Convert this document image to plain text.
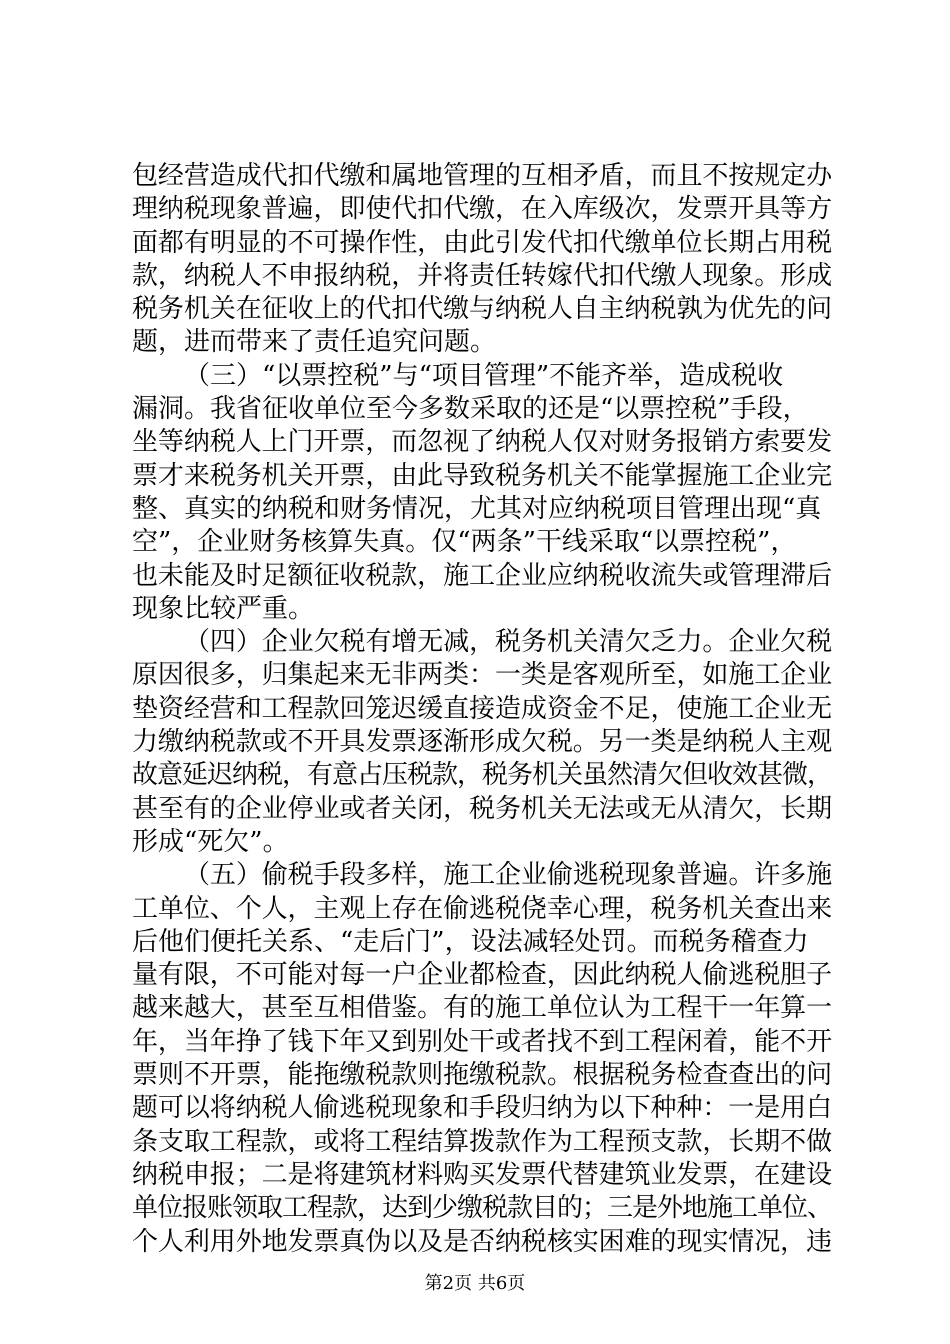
包经营造成代扣代缴和属地管理的互相矛盾，而且不按规定办
理纳税现象普遍，即使代扣代缴，在入库级次，发票开具等方
面都有明显的不可操作性，由此引发代扣代缴单位长期占用税
款，纳税人不申报纳税，并将责任转嫁代扣代缴人现象。形成
税务机关在征收上的代扣代缴与纳税人自主纳税孰为优先的问
题，进而带来了责任追究问题。
（三）“以票控税”与“项目管理”不能齐举，造成税收
漏洞。我省征收单位至今多数采取的还是“以票控税”手段，
坐等纳税人上门开票，而忽视了纳税人仅对财务报销方索要发
票才来税务机关开票，由此导致税务机关不能掌握施工企业完
整、真实的纳税和财务情况，尤其对应纳税项目管理出现“真
空”，企业财务核算失真。仅“两条”干线采取“以票控税”，
也未能及时足额征收税款，施工企业应纳税收流失或管理滞后
现象比较严重。
（四）企业欠税有增无减，税务机关清欠乏力。企业欠税
原因很多，归集起来无非两类：一类是客观所至，如施工企业
垫资经营和工程款回笼迟缓直接造成资金不足，使施工企业无
力缴纳税款或不开具发票逐渐形成欠税。另一类是纳税人主观
故意延迟纳税，有意占压税款，税务机关虽然清欠但收效甚微，
甚至有的企业停业或者关闭，税务机关无法或无从清欠，长期
形成“死欠”。
（五）偷税手段多样，施工企业偷逃税现象普遍。许多施
工单位、个人，主观上存在偷逃税侥幸心理，税务机关查出来
后他们便托关系、“走后门”，设法减轻处罚。而税务稽查力
量有限，不可能对每一户企业都检查，因此纳税人偷逃税胆子
越来越大，甚至互相借鉴。有的施工单位认为工程干一年算一
年，当年挣了钱下年又到别处干或者找不到工程闲着，能不开
票则不开票，能拖缴税款则拖缴税款。根据税务检查查出的问
题可以将纳税人偷逃税现象和手段归纳为以下种种：一是用白
条支取工程款，或将工程结算拨款作为工程预支款，长期不做
纳税申报；二是将建筑材料购买发票代替建筑业发票，在建设
单位报账领取工程款，达到少缴税款目的；三是外地施工单位、
个人利用外地发票真伪以及是否纳税核实困难的现实情况，违
第2页 共6页
